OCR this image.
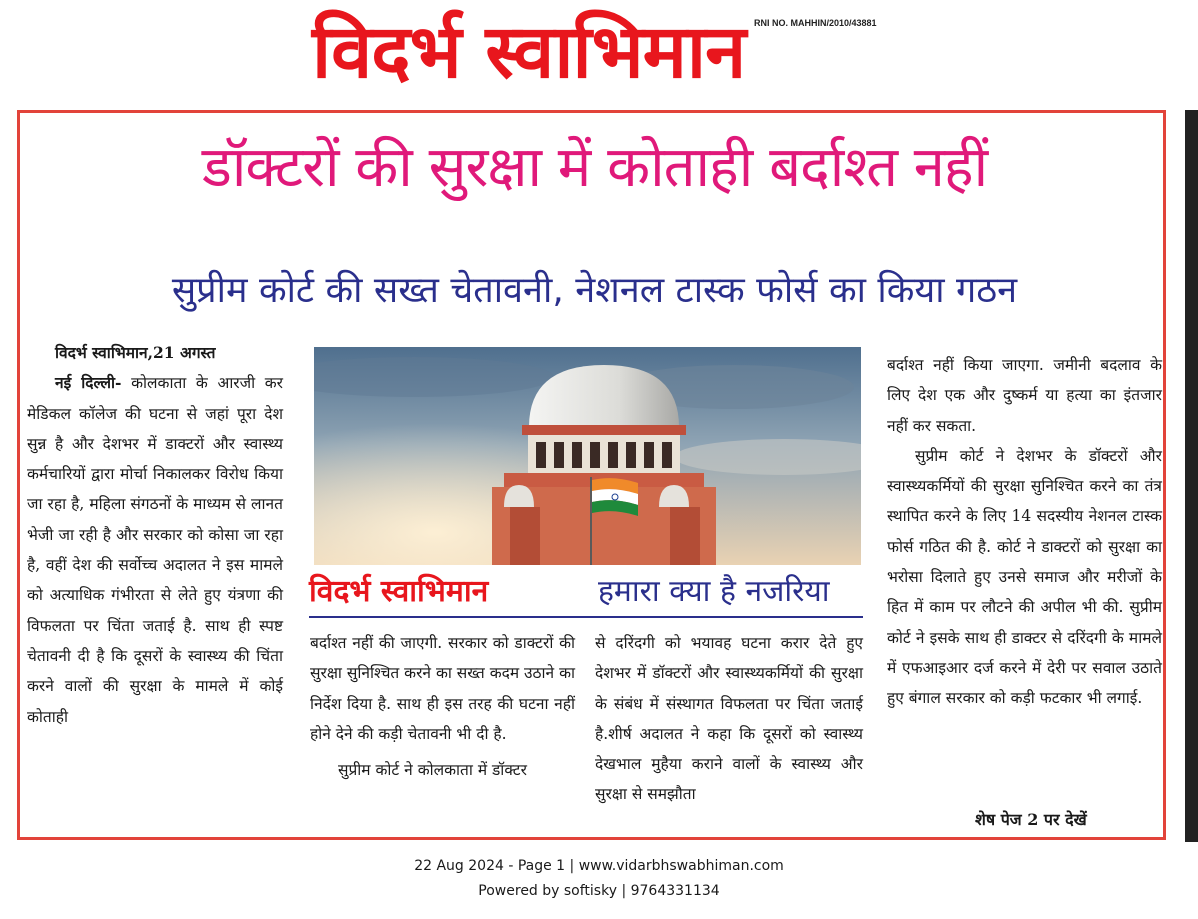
विदर्भ स्वाभिमान RNI NO. MAHHIN/2010/43881
डॉक्टरों की सुरक्षा में कोताही बर्दाश्त नहीं
सुप्रीम कोर्ट की सख्त चेतावनी, नेशनल टास्क फोर्स का किया गठन

विदर्भ स्वाभिमान,21 अगस्त

नई दिल्ली- कोलकाता के आरजी कर मेडिकल कॉलेज की घटना से जहां पूरा देश सुन्न है और देशभर में डाक्टरों और स्वास्थ्य कर्मचारियों द्वारा मोर्चा निकालकर विरोध किया जा रहा है, महिला संगठनों के माध्यम से लानत भेजी जा रही है और सरकार को कोसा जा रहा है, वहीं देश की सर्वोच्च अदालत ने इस मामले को अत्याधिक गंभीरता से लेते हुए यंत्रणा की विफलता पर चिंता जताई है. साथ ही स्पष्ट चेतावनी दी है कि दूसरों के स्वास्थ्य की चिंता करने वालों की सुरक्षा के मामले में कोई कोताही

विदर्भ स्वाभिमान	हमारा क्या है नजरिया

बर्दाश्त नहीं की जाएगी. सरकार को डाक्टरों की सुरक्षा सुनिश्चित करने का सख्त कदम उठाने का निर्देश दिया है. साथ ही इस तरह की घटना नहीं होने देने की कड़ी चेतावनी भी दी है.

सुप्रीम कोर्ट ने कोलकाता में डॉक्टर

से दरिंदगी को भयावह घटना करार देते हुए देशभर में डॉक्टरों और स्वास्थ्यकर्मियों की सुरक्षा के संबंध में संस्थागत विफलता पर चिंता जताई है.शीर्ष अदालत ने कहा कि दूसरों को स्वास्थ्य देखभाल मुहैया कराने वालों के स्वास्थ्य और सुरक्षा से समझौता

बर्दाश्त नहीं किया जाएगा. जमीनी बदलाव के लिए देश एक और दुष्कर्म या हत्या का इंतजार नहीं कर सकता.

सुप्रीम कोर्ट ने देशभर के डॉक्टरों और स्वास्थ्यकर्मियों की सुरक्षा सुनिश्चित करने का तंत्र स्थापित करने के लिए 14 सदस्यीय नेशनल टास्क फोर्स गठित की है. कोर्ट ने डाक्टरों को सुरक्षा का भरोसा दिलाते हुए उनसे समाज और मरीजों के हित में काम पर लौटने की अपील भी की. सुप्रीम कोर्ट ने इसके साथ ही डाक्टर से दरिंदगी के मामले में एफआइआर दर्ज करने में देरी पर सवाल उठाते हुए बंगाल सरकार को कड़ी फटकार भी लगाई.

शेष पेज 2 पर देखें
22 Aug 2024 - Page 1 | www.vidarbhswabhiman.com
Powered by softisky | 9764331134
